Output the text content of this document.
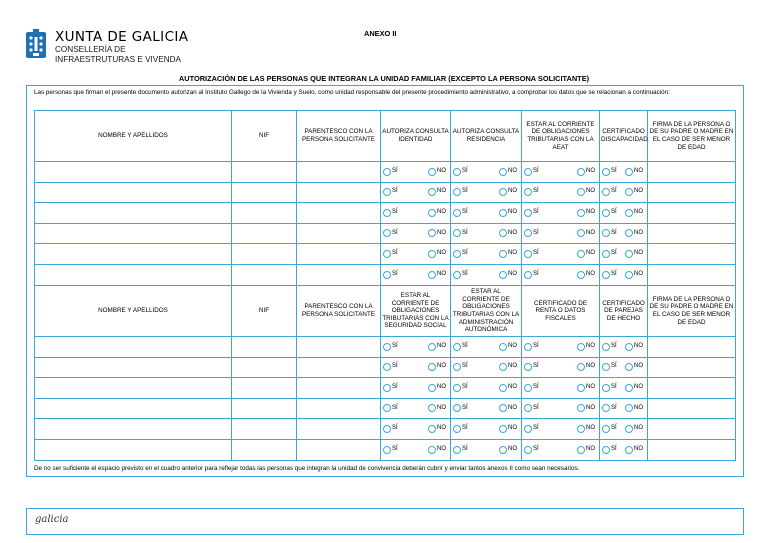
XUNTA DE GALICIA
CONSELLERÍA DE
INFRAESTRUTURAS E VIVENDA
ANEXO II
AUTORIZACIÓN DE LAS PERSONAS QUE INTEGRAN LA UNIDAD FAMILIAR (EXCEPTO LA PERSONA SOLICITANTE)
Las personas que firman el presente documento autorizan al Instituto Gallego de la Vivienda y Suelo, como unidad responsable del presente procedimiento administrativo, a comprobar los datos que se relacionan a continuación:
NOMBRE Y APELLIDOS	NIF	PARENTESCO CON LA PERSONA SOLICITANTE	AUTORIZA CONSULTA IDENTIDAD	AUTORIZA CONSULTA RESIDENCIA	ESTAR AL CORRIENTE DE OBLIGACIONES TRIBUTARIAS CON LA AEAT	CERTIFICADO DISCAPACIDAD	FIRMA DE LA PERSONA O DE SU PADRE O MADRE EN EL CASO DE SER MENOR DE EDAD

			SÍ NO	SÍ NO	SÍ NO	SÍ NO	

			SÍ NO	SÍ NO	SÍ NO	SÍ NO	

			SÍ NO	SÍ NO	SÍ NO	SÍ NO	

			SÍ NO	SÍ NO	SÍ NO	SÍ NO	

			SÍ NO	SÍ NO	SÍ NO	SÍ NO	

			SÍ NO	SÍ NO	SÍ NO	SÍ NO	

NOMBRE Y APELLIDOS	NIF	PARENTESCO CON LA PERSONA SOLICITANTE	ESTAR AL CORRIENTE DE OBLIGACIONES TRIBUTARIAS CON LA SEGURIDAD SOCIAL	ESTAR AL CORRIENTE DE OBLIGACIONES TRIBUTARIAS CON LA ADMINISTRACIÓN AUTONÓMICA	CERTIFICADO DE RENTA O DATOS FISCALES	CERTIFICADO DE PAREJAS DE HECHO	FIRMA DE LA PERSONA O DE SU PADRE O MADRE EN EL CASO DE SER MENOR DE EDAD

			SÍ NO	SÍ NO	SÍ NO	SÍ NO	

			SÍ NO	SÍ NO	SÍ NO	SÍ NO	

			SÍ NO	SÍ NO	SÍ NO	SÍ NO	

			SÍ NO	SÍ NO	SÍ NO	SÍ NO	

			SÍ NO	SÍ NO	SÍ NO	SÍ NO	

			SÍ NO	SÍ NO	SÍ NO	SÍ NO	

De no ser suficiente el espacio previsto en el cuadro anterior para reflejar todas las personas que integran la unidad de convivencia deberán cubrir y enviar tantos anexos II como sean necesarios.
galicia
